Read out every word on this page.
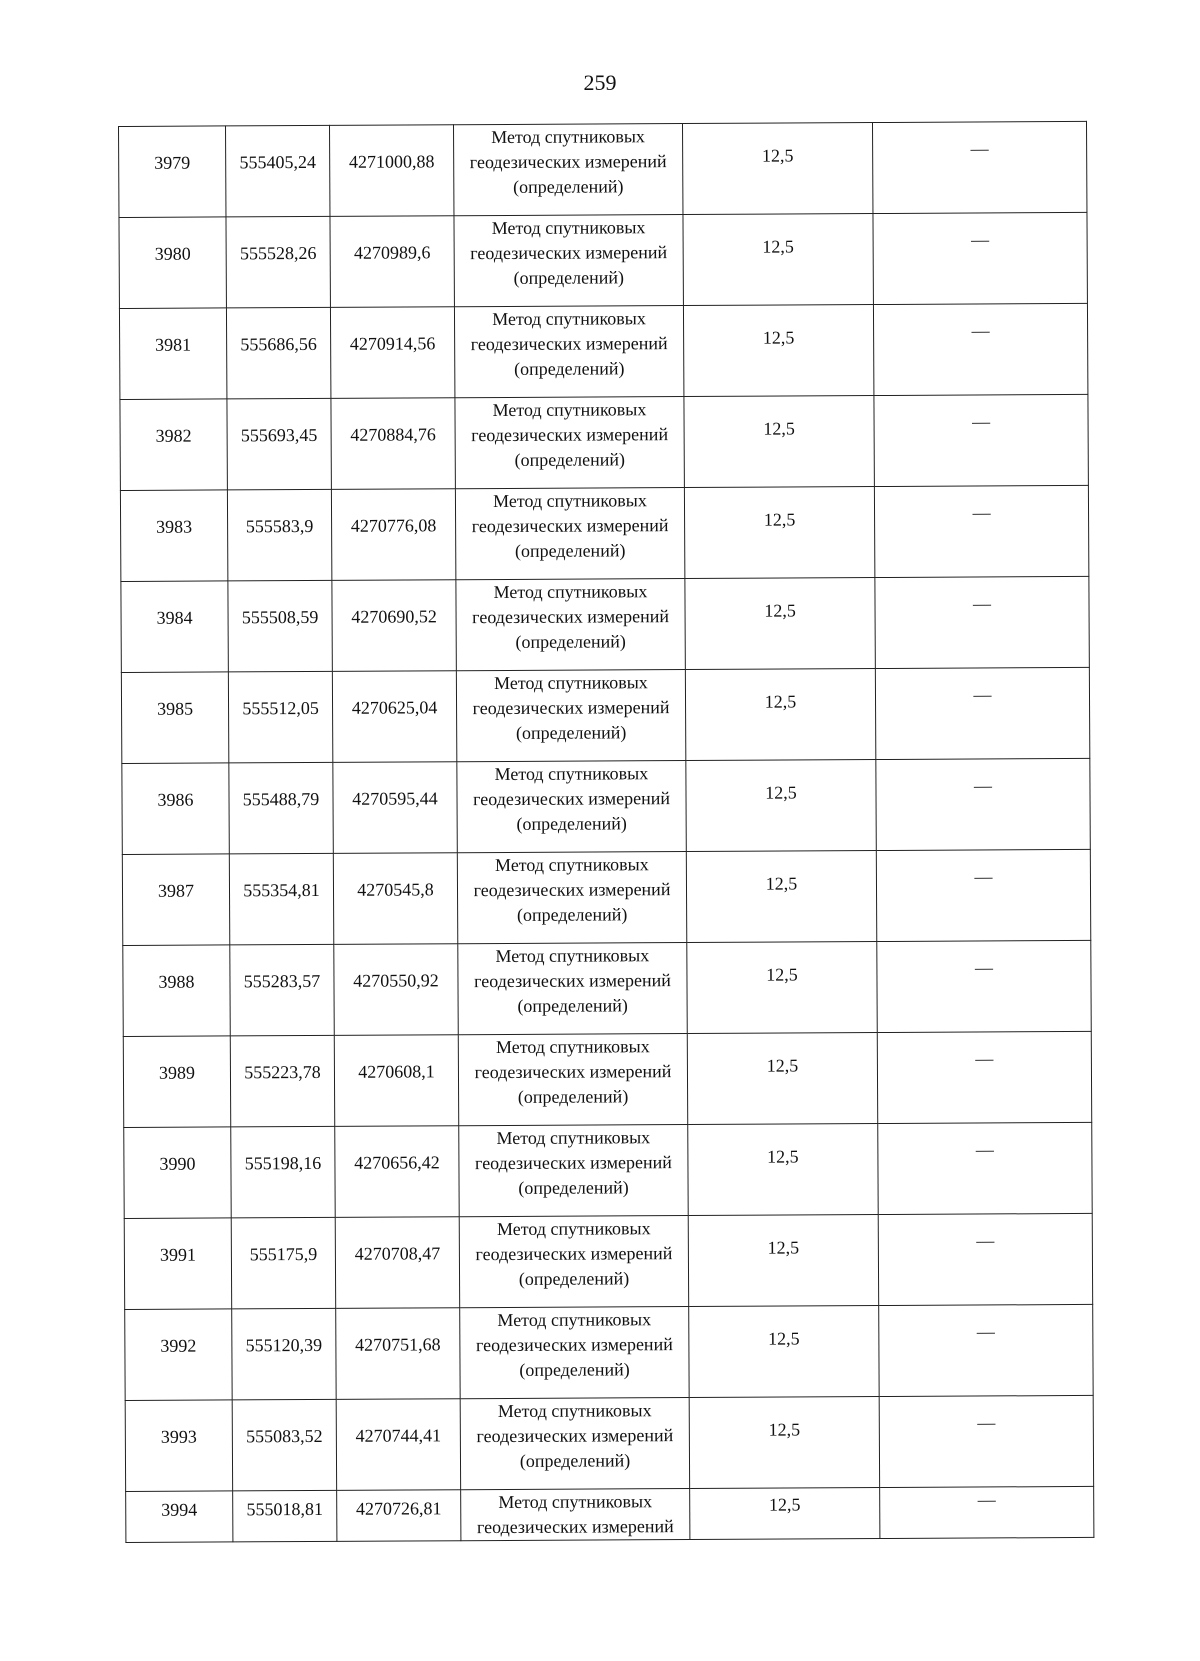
259
3979	555405,24	4271000,88	Метод спутниковых
геодезических измерений
(определений)	12,5	—
3980	555528,26	4270989,6	Метод спутниковых
геодезических измерений
(определений)	12,5	—
3981	555686,56	4270914,56	Метод спутниковых
геодезических измерений
(определений)	12,5	—
3982	555693,45	4270884,76	Метод спутниковых
геодезических измерений
(определений)	12,5	—
3983	555583,9	4270776,08	Метод спутниковых
геодезических измерений
(определений)	12,5	—
3984	555508,59	4270690,52	Метод спутниковых
геодезических измерений
(определений)	12,5	—
3985	555512,05	4270625,04	Метод спутниковых
геодезических измерений
(определений)	12,5	—
3986	555488,79	4270595,44	Метод спутниковых
геодезических измерений
(определений)	12,5	—
3987	555354,81	4270545,8	Метод спутниковых
геодезических измерений
(определений)	12,5	—
3988	555283,57	4270550,92	Метод спутниковых
геодезических измерений
(определений)	12,5	—
3989	555223,78	4270608,1	Метод спутниковых
геодезических измерений
(определений)	12,5	—
3990	555198,16	4270656,42	Метод спутниковых
геодезических измерений
(определений)	12,5	—
3991	555175,9	4270708,47	Метод спутниковых
геодезических измерений
(определений)	12,5	—
3992	555120,39	4270751,68	Метод спутниковых
геодезических измерений
(определений)	12,5	—
3993	555083,52	4270744,41	Метод спутниковых
геодезических измерений
(определений)	12,5	—
3994	555018,81	4270726,81	Метод спутниковых
геодезических измерений	12,5	—
